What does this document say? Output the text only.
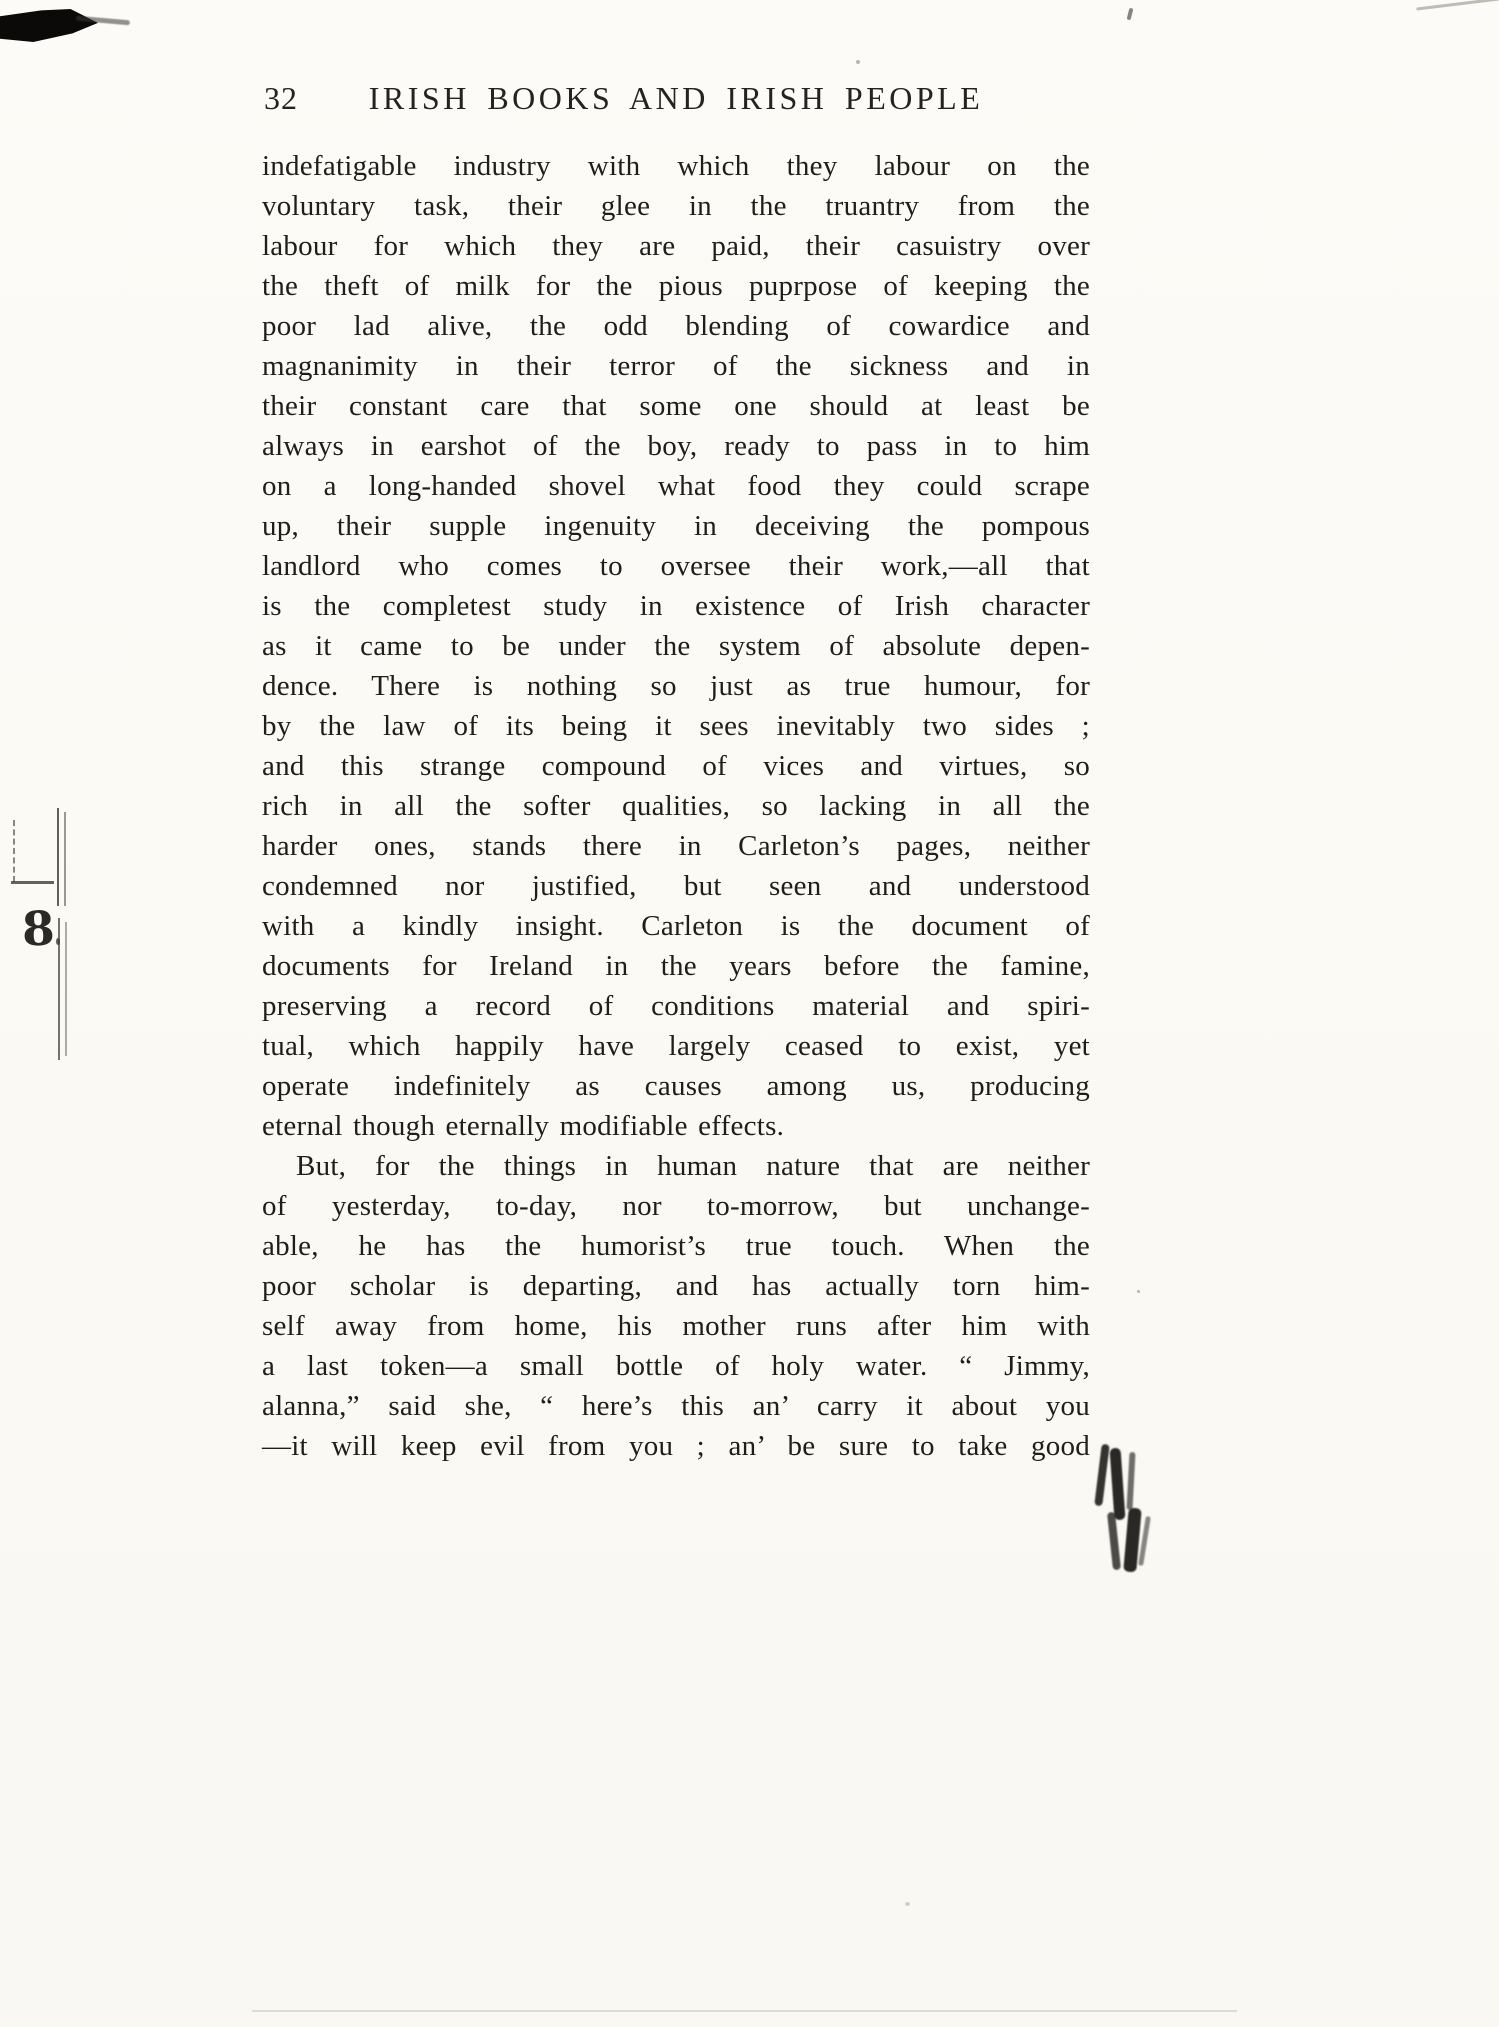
32	IRISH BOOKS AND IRISH PEOPLE
indefatigable industry with which they labour on the
voluntary task, their glee in the truantry from the
labour for which they are paid, their casuistry over
the theft of milk for the pious puprpose of keeping the
poor lad alive, the odd blending of cowardice and
magnanimity in their terror of the sickness and in
their constant care that some one should at least be
always in earshot of the boy, ready to pass in to him
on a long-handed shovel what food they could scrape
up, their supple ingenuity in deceiving the pompous
landlord who comes to oversee their work,—all that
is the completest study in existence of Irish character
as it came to be under the system of absolute depen-
dence. There is nothing so just as true humour, for
by the law of its being it sees inevitably two sides ;
and this strange compound of vices and virtues, so
rich in all the softer qualities, so lacking in all the
harder ones, stands there in Carleton’s pages, neither
condemned nor justified, but seen and understood
with a kindly insight. Carleton is the document of
documents for Ireland in the years before the famine,
preserving a record of conditions material and spiri-
tual, which happily have largely ceased to exist, yet
operate indefinitely as causes among us, producing
eternal though eternally modifiable effects.
But, for the things in human nature that are neither
of yesterday, to-day, nor to-morrow, but unchange-
able, he has the humorist’s true touch. When the
poor scholar is departing, and has actually torn him-
self away from home, his mother runs after him with
a last token—a small bottle of holy water. “ Jimmy,
alanna,” said she, “ here’s this an’ carry it about you
—it will keep evil from you ; an’ be sure to take good
8
